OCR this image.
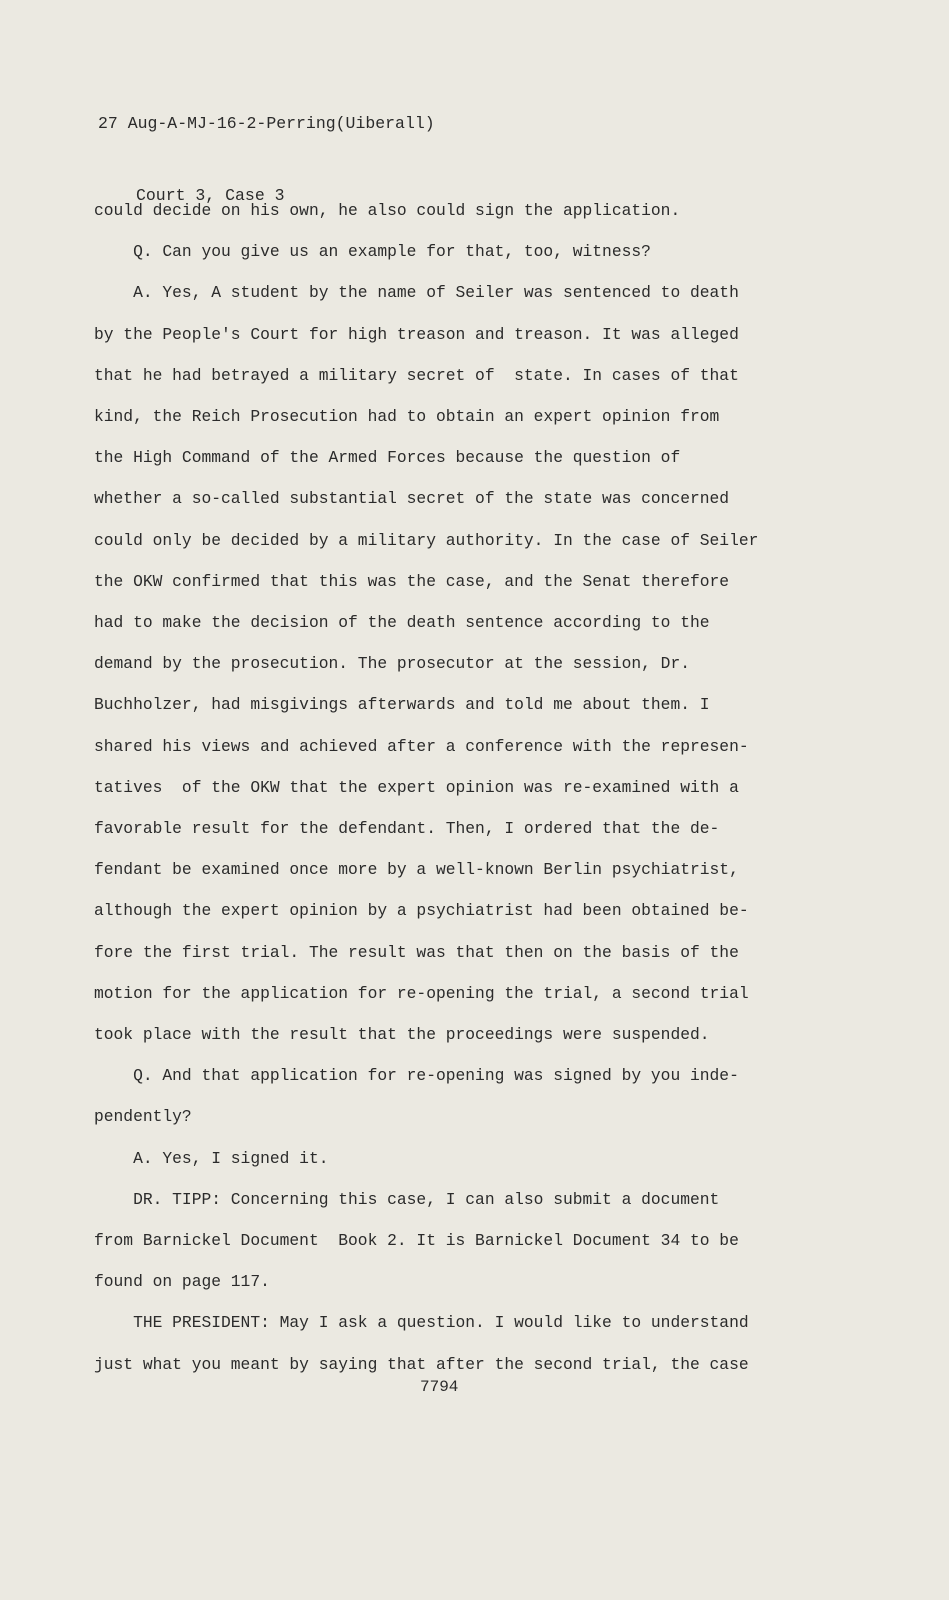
27 Aug-A-MJ-16-2-Perring(Uiberall)

Court 3, Case 3

could decide on his own, he also could sign the application.

Q. Can you give us an example for that, too, witness?

A. Yes, A student by the name of Seiler was sentenced to death

by the People's Court for high treason and treason. It was alleged

that he had betrayed a military secret of  state. In cases of that

kind, the Reich Prosecution had to obtain an expert opinion from

the High Command of the Armed Forces because the question of

whether a so-called substantial secret of the state was concerned

could only be decided by a military authority. In the case of Seiler

the OKW confirmed that this was the case, and the Senat therefore

had to make the decision of the death sentence according to the

demand by the prosecution. The prosecutor at the session, Dr.

Buchholzer, had misgivings afterwards and told me about them. I

shared his views and achieved after a conference with the represen-

tatives  of the OKW that the expert opinion was re-examined with a

favorable result for the defendant. Then, I ordered that the de-

fendant be examined once more by a well-known Berlin psychiatrist,

although the expert opinion by a psychiatrist had been obtained be-

fore the first trial. The result was that then on the basis of the

motion for the application for re-opening the trial, a second trial

took place with the result that the proceedings were suspended.

Q. And that application for re-opening was signed by you inde-

pendently?

A. Yes, I signed it.

DR. TIPP: Concerning this case, I can also submit a document

from Barnickel Document  Book 2. It is Barnickel Document 34 to be

found on page 117.

THE PRESIDENT: May I ask a question. I would like to understand

just what you meant by saying that after the second trial, the case

7794
